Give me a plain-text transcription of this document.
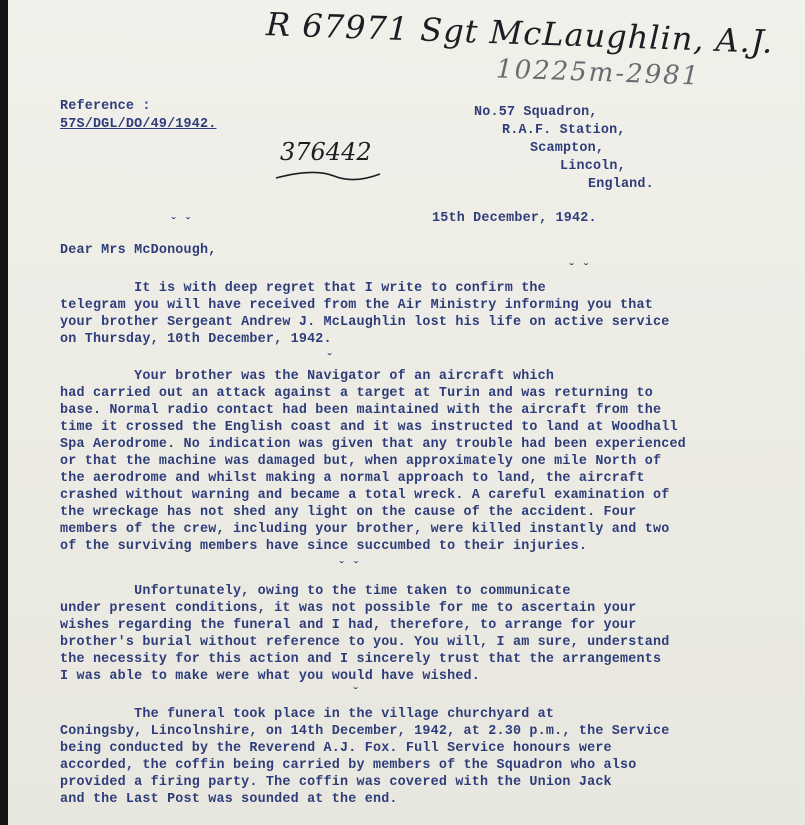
R 67971 Sgt McLaughlin, A.J.
10225m-2981
376442
Reference :
57S/DGL/DO/49/1942.
No.57 Squadron,
R.A.F. Station,
Scampton,
Lincoln,
England.
15th December, 1942.
ˇ ˇ
Dear Mrs McDonough,
It is with deep regret that I write to confirm the
telegram you will have received from the Air Ministry informing you that
your brother Sergeant Andrew J. McLaughlin lost his life on active service
on Thursday, 10th December, 1942.
Your brother was the Navigator of an aircraft which
had carried out an attack against a target at Turin and was returning to
base. Normal radio contact had been maintained with the aircraft from the
time it crossed the English coast and it was instructed to land at Woodhall
Spa Aerodrome. No indication was given that any trouble had been experienced
or that the machine was damaged but, when approximately one mile North of
the aerodrome and whilst making a normal approach to land, the aircraft
crashed without warning and became a total wreck. A careful examination of
the wreckage has not shed any light on the cause of the accident. Four
members of the crew, including your brother, were killed instantly and two
of the surviving members have since succumbed to their injuries.
Unfortunately, owing to the time taken to communicate
under present conditions, it was not possible for me to ascertain your
wishes regarding the funeral and I had, therefore, to arrange for your
brother's burial without reference to you. You will, I am sure, understand
the necessity for this action and I sincerely trust that the arrangements
I was able to make were what you would have wished.
The funeral took place in the village churchyard at
Coningsby, Lincolnshire, on 14th December, 1942, at 2.30 p.m., the Service
being conducted by the Reverend A.J. Fox. Full Service honours were
accorded, the coffin being carried by members of the Squadron who also
provided a firing party. The coffin was covered with the Union Jack
and the Last Post was sounded at the end.
ˇ ˇ
ˇ
ˇ ˇ
ˇ
